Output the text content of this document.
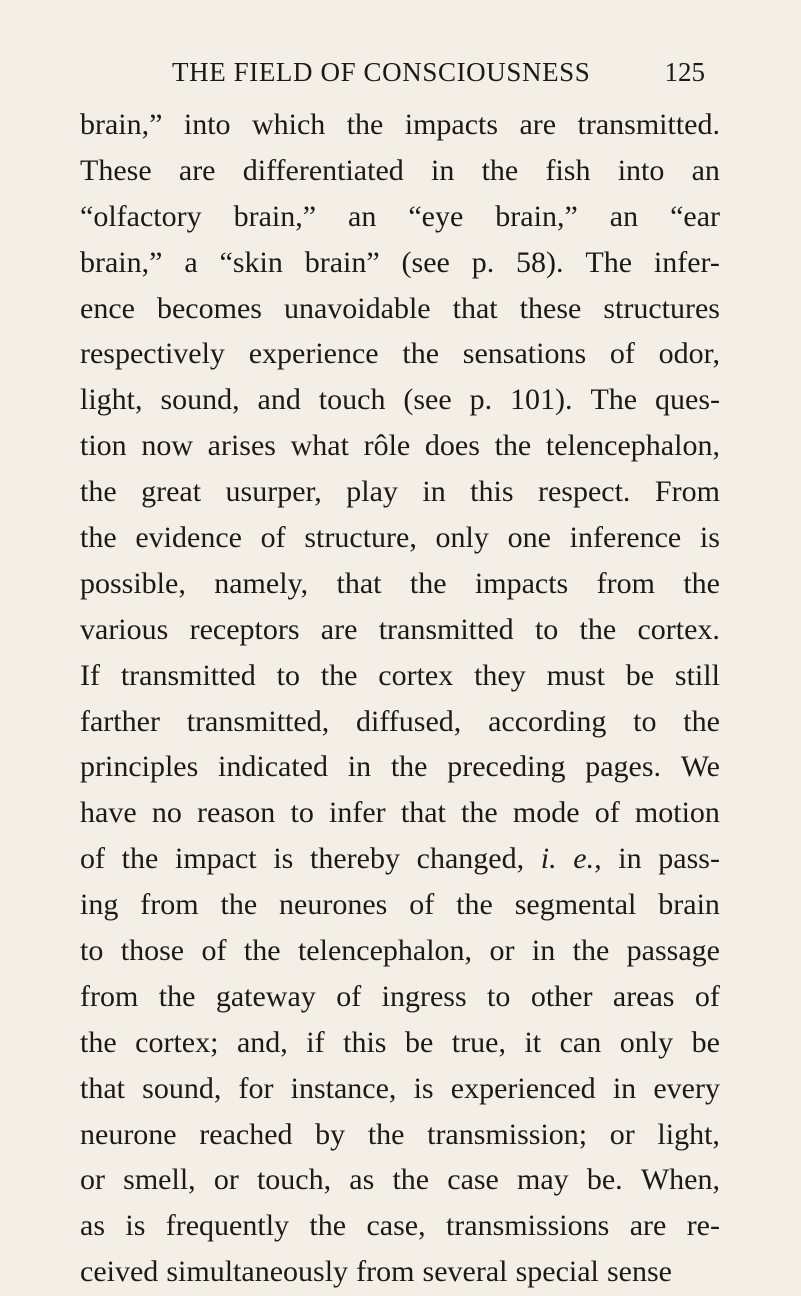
THE FIELD OF CONSCIOUSNESS	125
brain,” into which the impacts are transmitted.
These are differentiated in the fish into an
“olfactory brain,” an “eye brain,” an “ear
brain,” a “skin brain” (see p. 58). The infer-
ence becomes unavoidable that these structures
respectively experience the sensations of odor,
light, sound, and touch (see p. 101). The ques-
tion now arises what rôle does the telencephalon,
the great usurper, play in this respect. From
the evidence of structure, only one inference is
possible, namely, that the impacts from the
various receptors are transmitted to the cortex.
If transmitted to the cortex they must be still
farther transmitted, diffused, according to the
principles indicated in the preceding pages. We
have no reason to infer that the mode of motion
of the impact is thereby changed, i. e., in pass-
ing from the neurones of the segmental brain
to those of the telencephalon, or in the passage
from the gateway of ingress to other areas of
the cortex; and, if this be true, it can only be
that sound, for instance, is experienced in every
neurone reached by the transmission; or light,
or smell, or touch, as the case may be. When,
as is frequently the case, transmissions are re-
ceived simultaneously from several special sense
